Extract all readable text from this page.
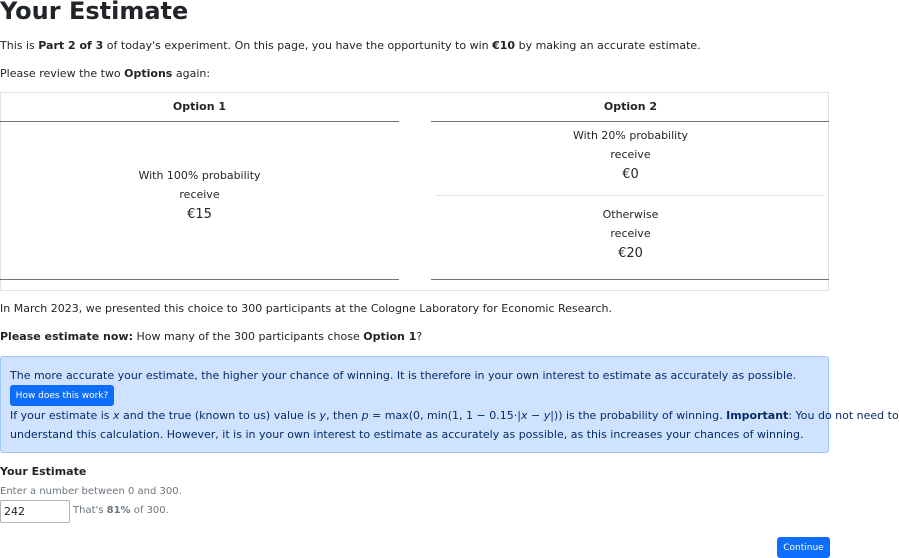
Your Estimate
This is Part 2 of 3 of today's experiment. On this page, you have the opportunity to win €10 by making an accurate estimate.
Please review the two Options again:
Option 1
With 100% probability
receive
€15
Option 2
With 20% probability
receive
€0
Otherwise
receive
€20
In March 2023, we presented this choice to 300 participants at the Cologne Laboratory for Economic Research.
Please estimate now: How many of the 300 participants chose Option 1?
The more accurate your estimate, the higher your chance of winning. It is therefore in your own interest to estimate as accurately as possible.
How does this work?
If your estimate is x and the true (known to us) value is y, then p = max(0, min(1, 1 − 0.15·|x − y|)) is the probability of winning. Important: You do not need to
understand this calculation. However, it is in your own interest to estimate as accurately as possible, as this increases your chances of winning.
Your Estimate
Enter a number between 0 and 300.
242
That's 81% of 300.
Continue
